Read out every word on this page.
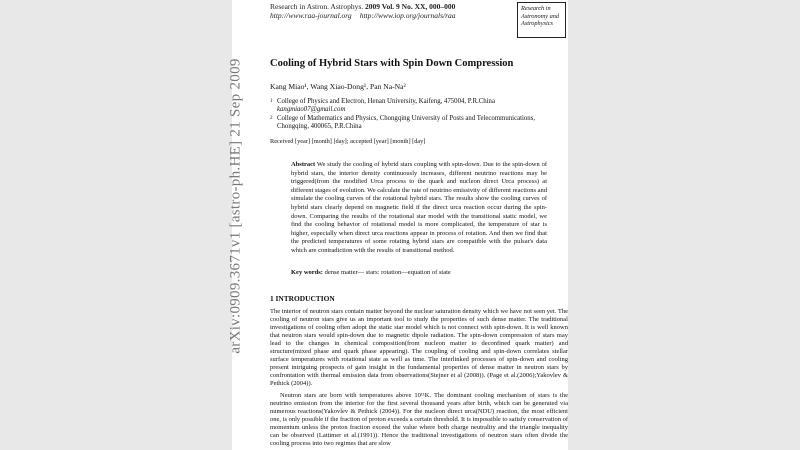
arXiv:0909.3671v1 [astro-ph.HE] 21 Sep 2009
Research in Astron. Astrophys. 2009 Vol. 9 No. XX, 000–000
http://www.raa-journal.org http://www.iop.org/journals/raa
Research in
Astronomy and
Astrophysics
Cooling of Hybrid Stars with Spin Down Compression
Kang Miao¹, Wang Xiao-Dong¹, Pan Na-Na²
1 College of Physics and Electron, Henan University, Kaifeng, 475004, P.R.China
kangmiao07@gmail.com
2 College of Mathematics and Physics, Chongqing University of Posts and Telecommunications,
Chongqing, 400065, P.R.China
Received [year] [month] [day]; accepted [year] [month] [day]
Abstract We study the cooling of hybrid stars coupling with spin-down. Due to the spin-down of hybrid stars, the interior density continuously increases, different neutrino reactions may be triggered(from the modified Urca process to the quark and nucleon direct Urca process) at different stages of evolution. We calculate the rate of neutrino emissivity of different reactions and simulate the cooling curves of the rotational hybrid stars. The results show the cooling curves of hybrid stars clearly depend on magnetic field if the direct urca reaction occur during the spin-down. Comparing the results of the rotational star model with the transitional static model, we find the cooling behavior of rotational model is more complicated, the temperature of star is higher, especially when direct urca reactions appear in process of rotation. And then we find that the predicted temperatures of some rotating hybrid stars are compatible with the pulsar's data which are contradiction with the results of transitional method.
Key words: dense matter— stars: rotation—equation of state
1 INTRODUCTION
The interior of neutron stars contain matter beyond the nuclear saturation density which we have not seen yet. The cooling of neutron stars give us an important tool to study the properties of such dense matter. The traditional investigations of cooling often adopt the static star model which is not connect with spin-down. It is well known that neutron stars would spin-down due to magnetic dipole radiation. The spin-down compression of stars may lead to the changes in chemical composition(from nucleon matter to deconfined quark matter) and structure(mixed phase and quark phase appearing). The coupling of cooling and spin-down correlates stellar surface temperatures with rotational state as well as time. The interlinked processes of spin-down and cooling present intriguing prospects of gain insight in the fundamental properties of dense matter in neutron stars by confrontation with thermal emission data from observations(Stejner et al (2008)). (Page et al.(2006);Yakovlev & Pethick (2004)).
Neutron stars are born with temperatures above 10¹¹K. The dominant cooling mechanism of stars is the neutrino emission from the interior for the first several thousand years after birth, which can be generated via numerous reactions(Yakovlev & Pethick (2004)). For the nucleon direct urca(NDU) reaction, the most efficient one, is only possible if the fraction of proton exceeds a certain threshold. It is impossible to satisfy conservation of momentum unless the proton fraction exceed the value where both charge neutrality and the triangle inequality can be observed (Lattimer et al.(1991)). Hence the traditional investigations of neutron stars often divide the cooling process into two regimes that are slow
